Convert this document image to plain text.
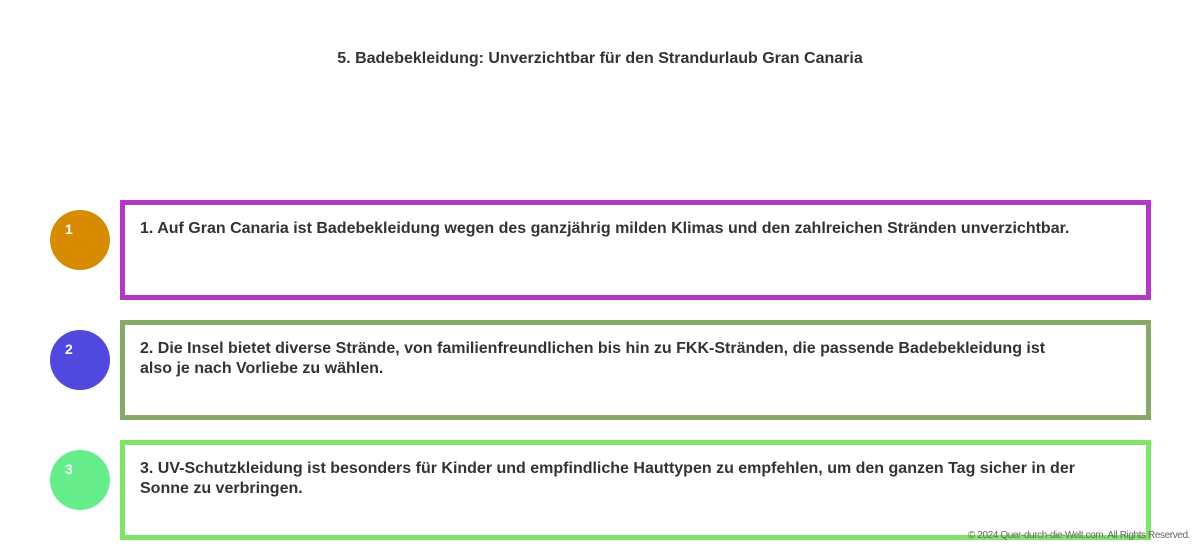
5. Badebekleidung: Unverzichtbar für den Strandurlaub Gran Canaria
1	1. Auf Gran Canaria ist Badebekleidung wegen des ganzjährig milden Klimas und den zahlreichen Stränden unverzichtbar.
2	2. Die Insel bietet diverse Strände, von familienfreundlichen bis hin zu FKK-Stränden, die passende Badebekleidung ist also je nach Vorliebe zu wählen.
3	3. UV-Schutzkleidung ist besonders für Kinder und empfindliche Hauttypen zu empfehlen, um den ganzen Tag sicher in der Sonne zu verbringen.
© 2024 Quer-durch-die-Welt.com. All Rights Reserved.
